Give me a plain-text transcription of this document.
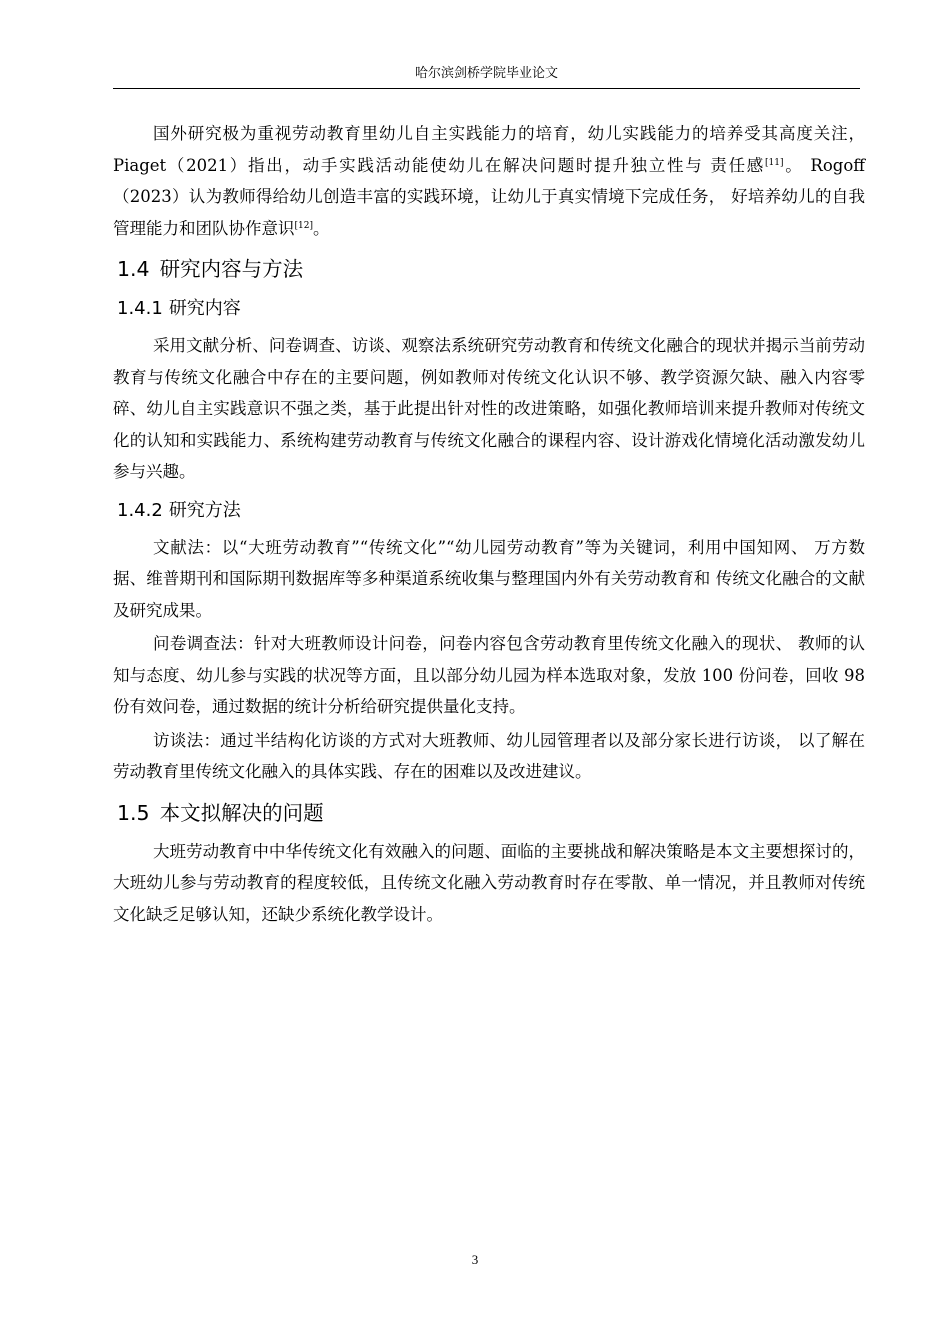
哈尔滨剑桥学院毕业论文

国外研究极为重视劳动教育里幼儿自主实践能力的培育，幼儿实践能力的培养受其高度关注，Piaget（2021）指出，动手实践活动能使幼儿在解决问题时提升独立性与 责任感[11]。 Rogoff（2023）认为教师得给幼儿创造丰富的实践环境，让幼儿于真实情境下完成任务， 好培养幼儿的自我管理能力和团队协作意识[12]。

1.4 研究内容与方法
1.4.1 研究内容

采用文献分析、问卷调查、访谈、观察法系统研究劳动教育和传统文化融合的现状并揭示当前劳动教育与传统文化融合中存在的主要问题，例如教师对传统文化认识不够、教学资源欠缺、融入内容零碎、幼儿自主实践意识不强之类，基于此提出针对性的改进策略，如强化教师培训来提升教师对传统文化的认知和实践能力、系统构建劳动教育与传统文化融合的课程内容、设计游戏化情境化活动激发幼儿参与兴趣。

1.4.2 研究方法

文献法：以“大班劳动教育”“传统文化”“幼儿园劳动教育”等为关键词，利用中国知网、 万方数据、维普期刊和国际期刊数据库等多种渠道系统收集与整理国内外有关劳动教育和 传统文化融合的文献及研究成果。

问卷调查法：针对大班教师设计问卷，问卷内容包含劳动教育里传统文化融入的现状、 教师的认知与态度、幼儿参与实践的状况等方面，且以部分幼儿园为样本选取对象，发放 100 份问卷，回收 98 份有效问卷，通过数据的统计分析给研究提供量化支持。

访谈法：通过半结构化访谈的方式对大班教师、幼儿园管理者以及部分家长进行访谈， 以了解在劳动教育里传统文化融入的具体实践、存在的困难以及改进建议。

1.5 本文拟解决的问题

大班劳动教育中中华传统文化有效融入的问题、面临的主要挑战和解决策略是本文主要想探讨的，大班幼儿参与劳动教育的程度较低，且传统文化融入劳动教育时存在零散、单一情况，并且教师对传统文化缺乏足够认知，还缺少系统化教学设计。

3
